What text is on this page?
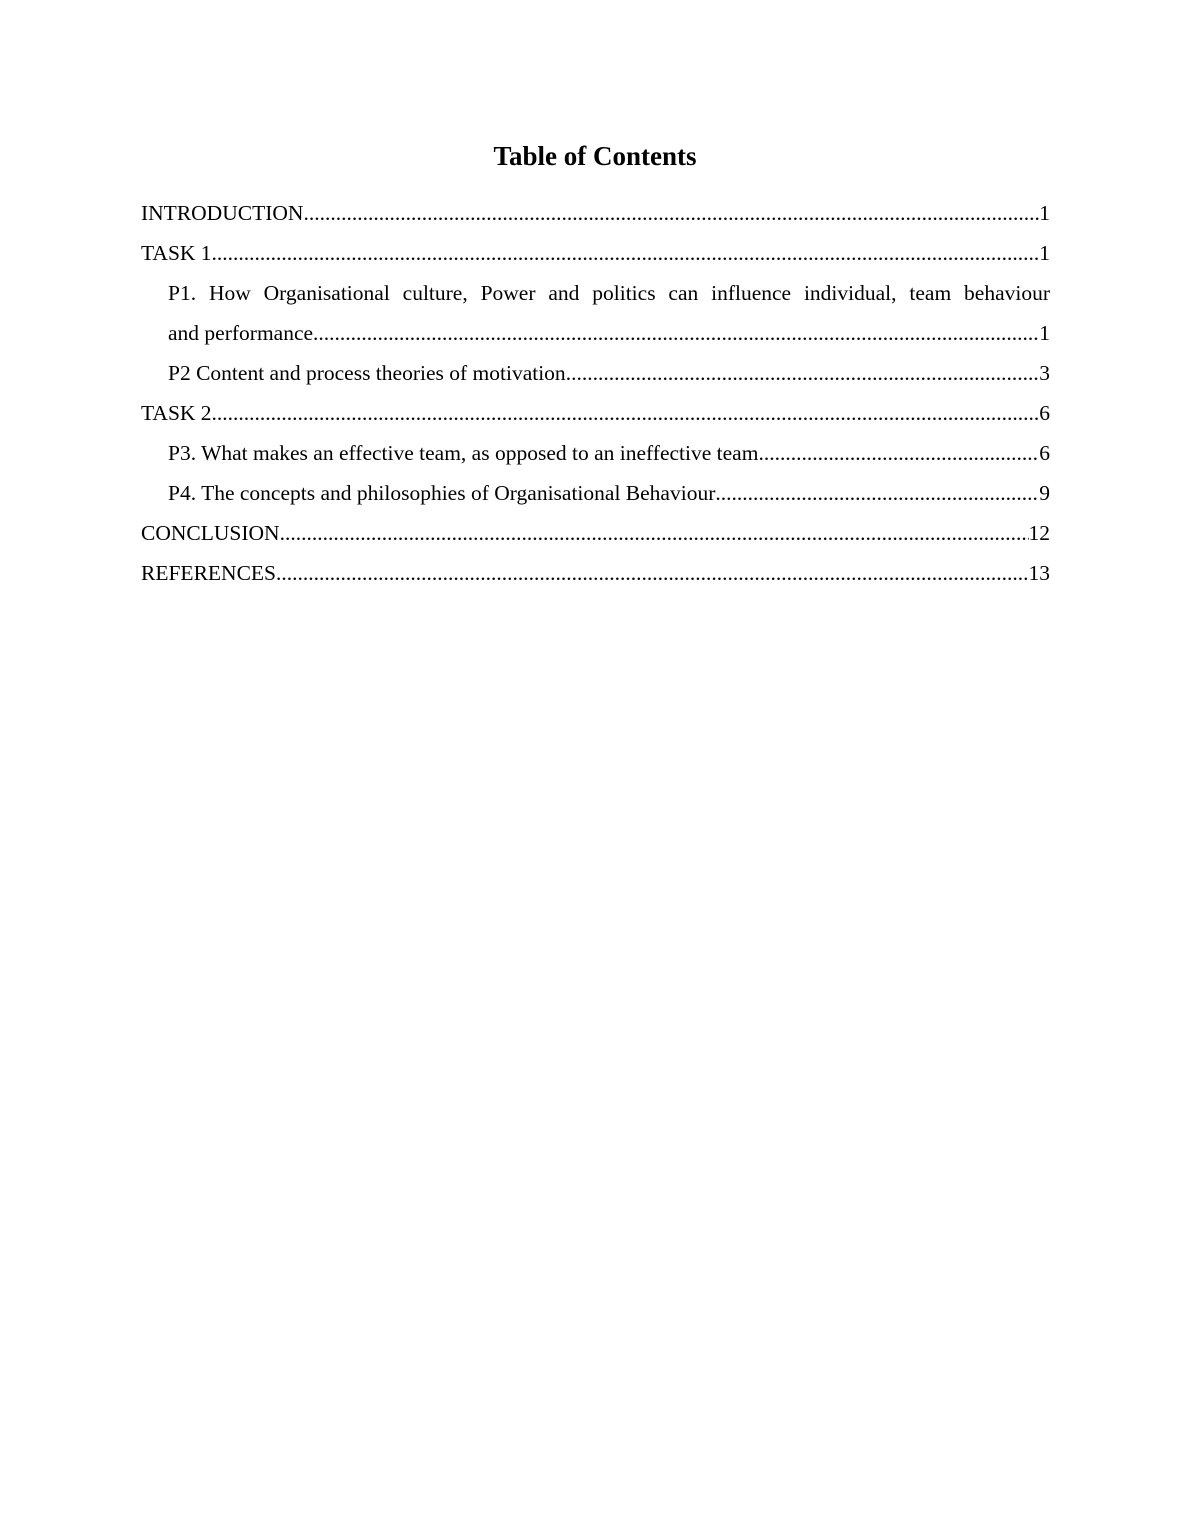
Table of Contents
INTRODUCTION .....	1
TASK 1 .....	1
P1. How Organisational culture, Power and politics can influence individual, team behaviour
and performance .....	1
P2 Content and process theories of motivation .....	3
TASK 2 .....	6
P3. What makes an effective team, as opposed to an ineffective team .....	6
P4. The concepts and philosophies of Organisational Behaviour .....	9
CONCLUSION .....	12
REFERENCES .....	13
